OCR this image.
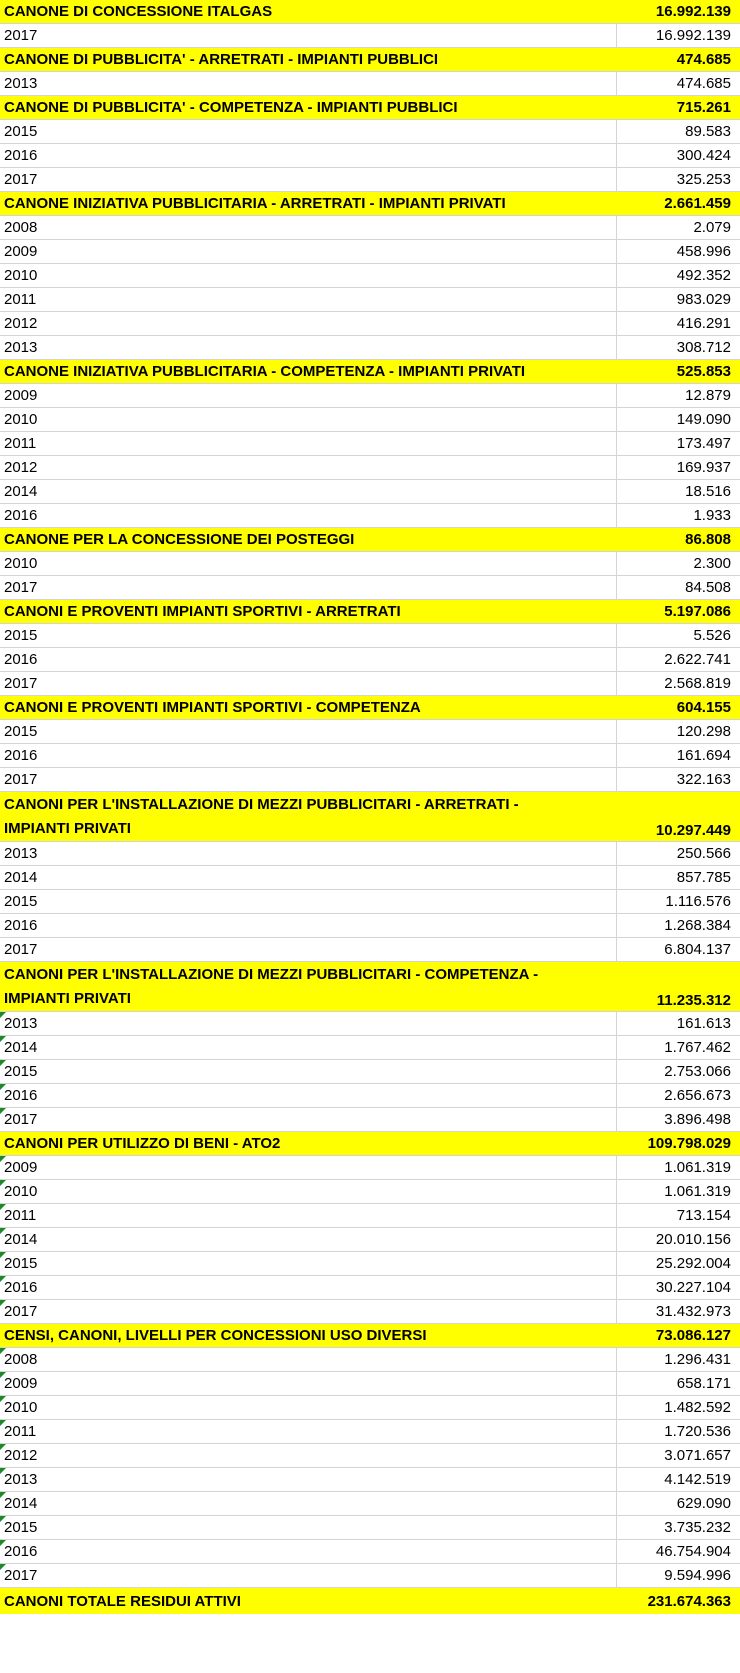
CANONE DI CONCESSIONE ITALGAS	16.992.139
2017	16.992.139
CANONE DI PUBBLICITA' - ARRETRATI - IMPIANTI PUBBLICI	474.685
2013	474.685
CANONE DI PUBBLICITA' - COMPETENZA - IMPIANTI PUBBLICI	715.261
2015	89.583
2016	300.424
2017	325.253
CANONE INIZIATIVA PUBBLICITARIA - ARRETRATI - IMPIANTI PRIVATI	2.661.459
2008	2.079
2009	458.996
2010	492.352
2011	983.029
2012	416.291
2013	308.712
CANONE INIZIATIVA PUBBLICITARIA - COMPETENZA - IMPIANTI PRIVATI	525.853
2009	12.879
2010	149.090
2011	173.497
2012	169.937
2014	18.516
2016	1.933
CANONE PER LA CONCESSIONE DEI POSTEGGI	86.808
2010	2.300
2017	84.508
CANONI E PROVENTI IMPIANTI SPORTIVI - ARRETRATI	5.197.086
2015	5.526
2016	2.622.741
2017	2.568.819
CANONI E PROVENTI IMPIANTI SPORTIVI - COMPETENZA	604.155
2015	120.298
2016	161.694
2017	322.163
CANONI PER L'INSTALLAZIONE DI MEZZI PUBBLICITARI - ARRETRATI -
IMPIANTI PRIVATI	10.297.449
2013	250.566
2014	857.785
2015	1.116.576
2016	1.268.384
2017	6.804.137
CANONI PER L'INSTALLAZIONE DI MEZZI PUBBLICITARI - COMPETENZA -
IMPIANTI PRIVATI	11.235.312
2013	161.613
2014	1.767.462
2015	2.753.066
2016	2.656.673
2017	3.896.498
CANONI PER UTILIZZO DI BENI - ATO2	109.798.029
2009	1.061.319
2010	1.061.319
2011	713.154
2014	20.010.156
2015	25.292.004
2016	30.227.104
2017	31.432.973
CENSI, CANONI, LIVELLI PER CONCESSIONI USO DIVERSI	73.086.127
2008	1.296.431
2009	658.171
2010	1.482.592
2011	1.720.536
2012	3.071.657
2013	4.142.519
2014	629.090
2015	3.735.232
2016	46.754.904
2017	9.594.996
CANONI TOTALE RESIDUI ATTIVI	231.674.363
